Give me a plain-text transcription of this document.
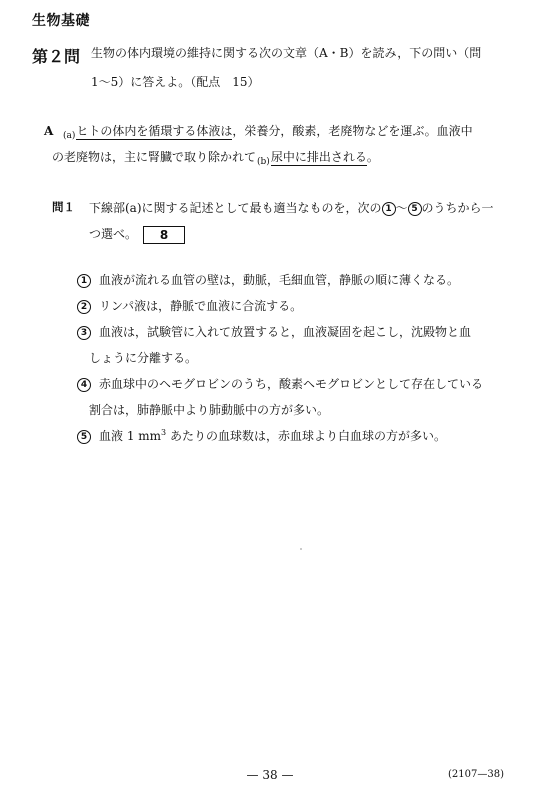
生物基礎
第２問 生物の体内環境の維持に関する次の文章（A・B）を読み，下の問い（問
1～5）に答えよ。（配点　15）
A $_{(a)}$ヒトの体内を循環する体液は，栄養分，酸素，老廃物などを運ぶ。血液中
の老廃物は，主に腎臓で取り除かれて$_{(b)}$尿中に排出される。
問１ 下線部(a)に関する記述として最も適当なものを，次の 1 ～ 5 のうちから一
つ選べ。 8
1 血液が流れる血管の壁は，動脈，毛細血管，静脈の順に薄くなる。
2 リンパ液は，静脈で血液に合流する。
3 血液は，試験管に入れて放置すると，血液凝固を起こし，沈殿物と血
しょうに分離する。
4 赤血球中のヘモグロビンのうち，酸素ヘモグロビンとして存在している
割合は，肺静脈中より肺動脈中の方が多い。
5 血液 1 $mm^3$ あたりの血球数は，赤血球より白血球の方が多い。
— 38 —	(2107—38)
